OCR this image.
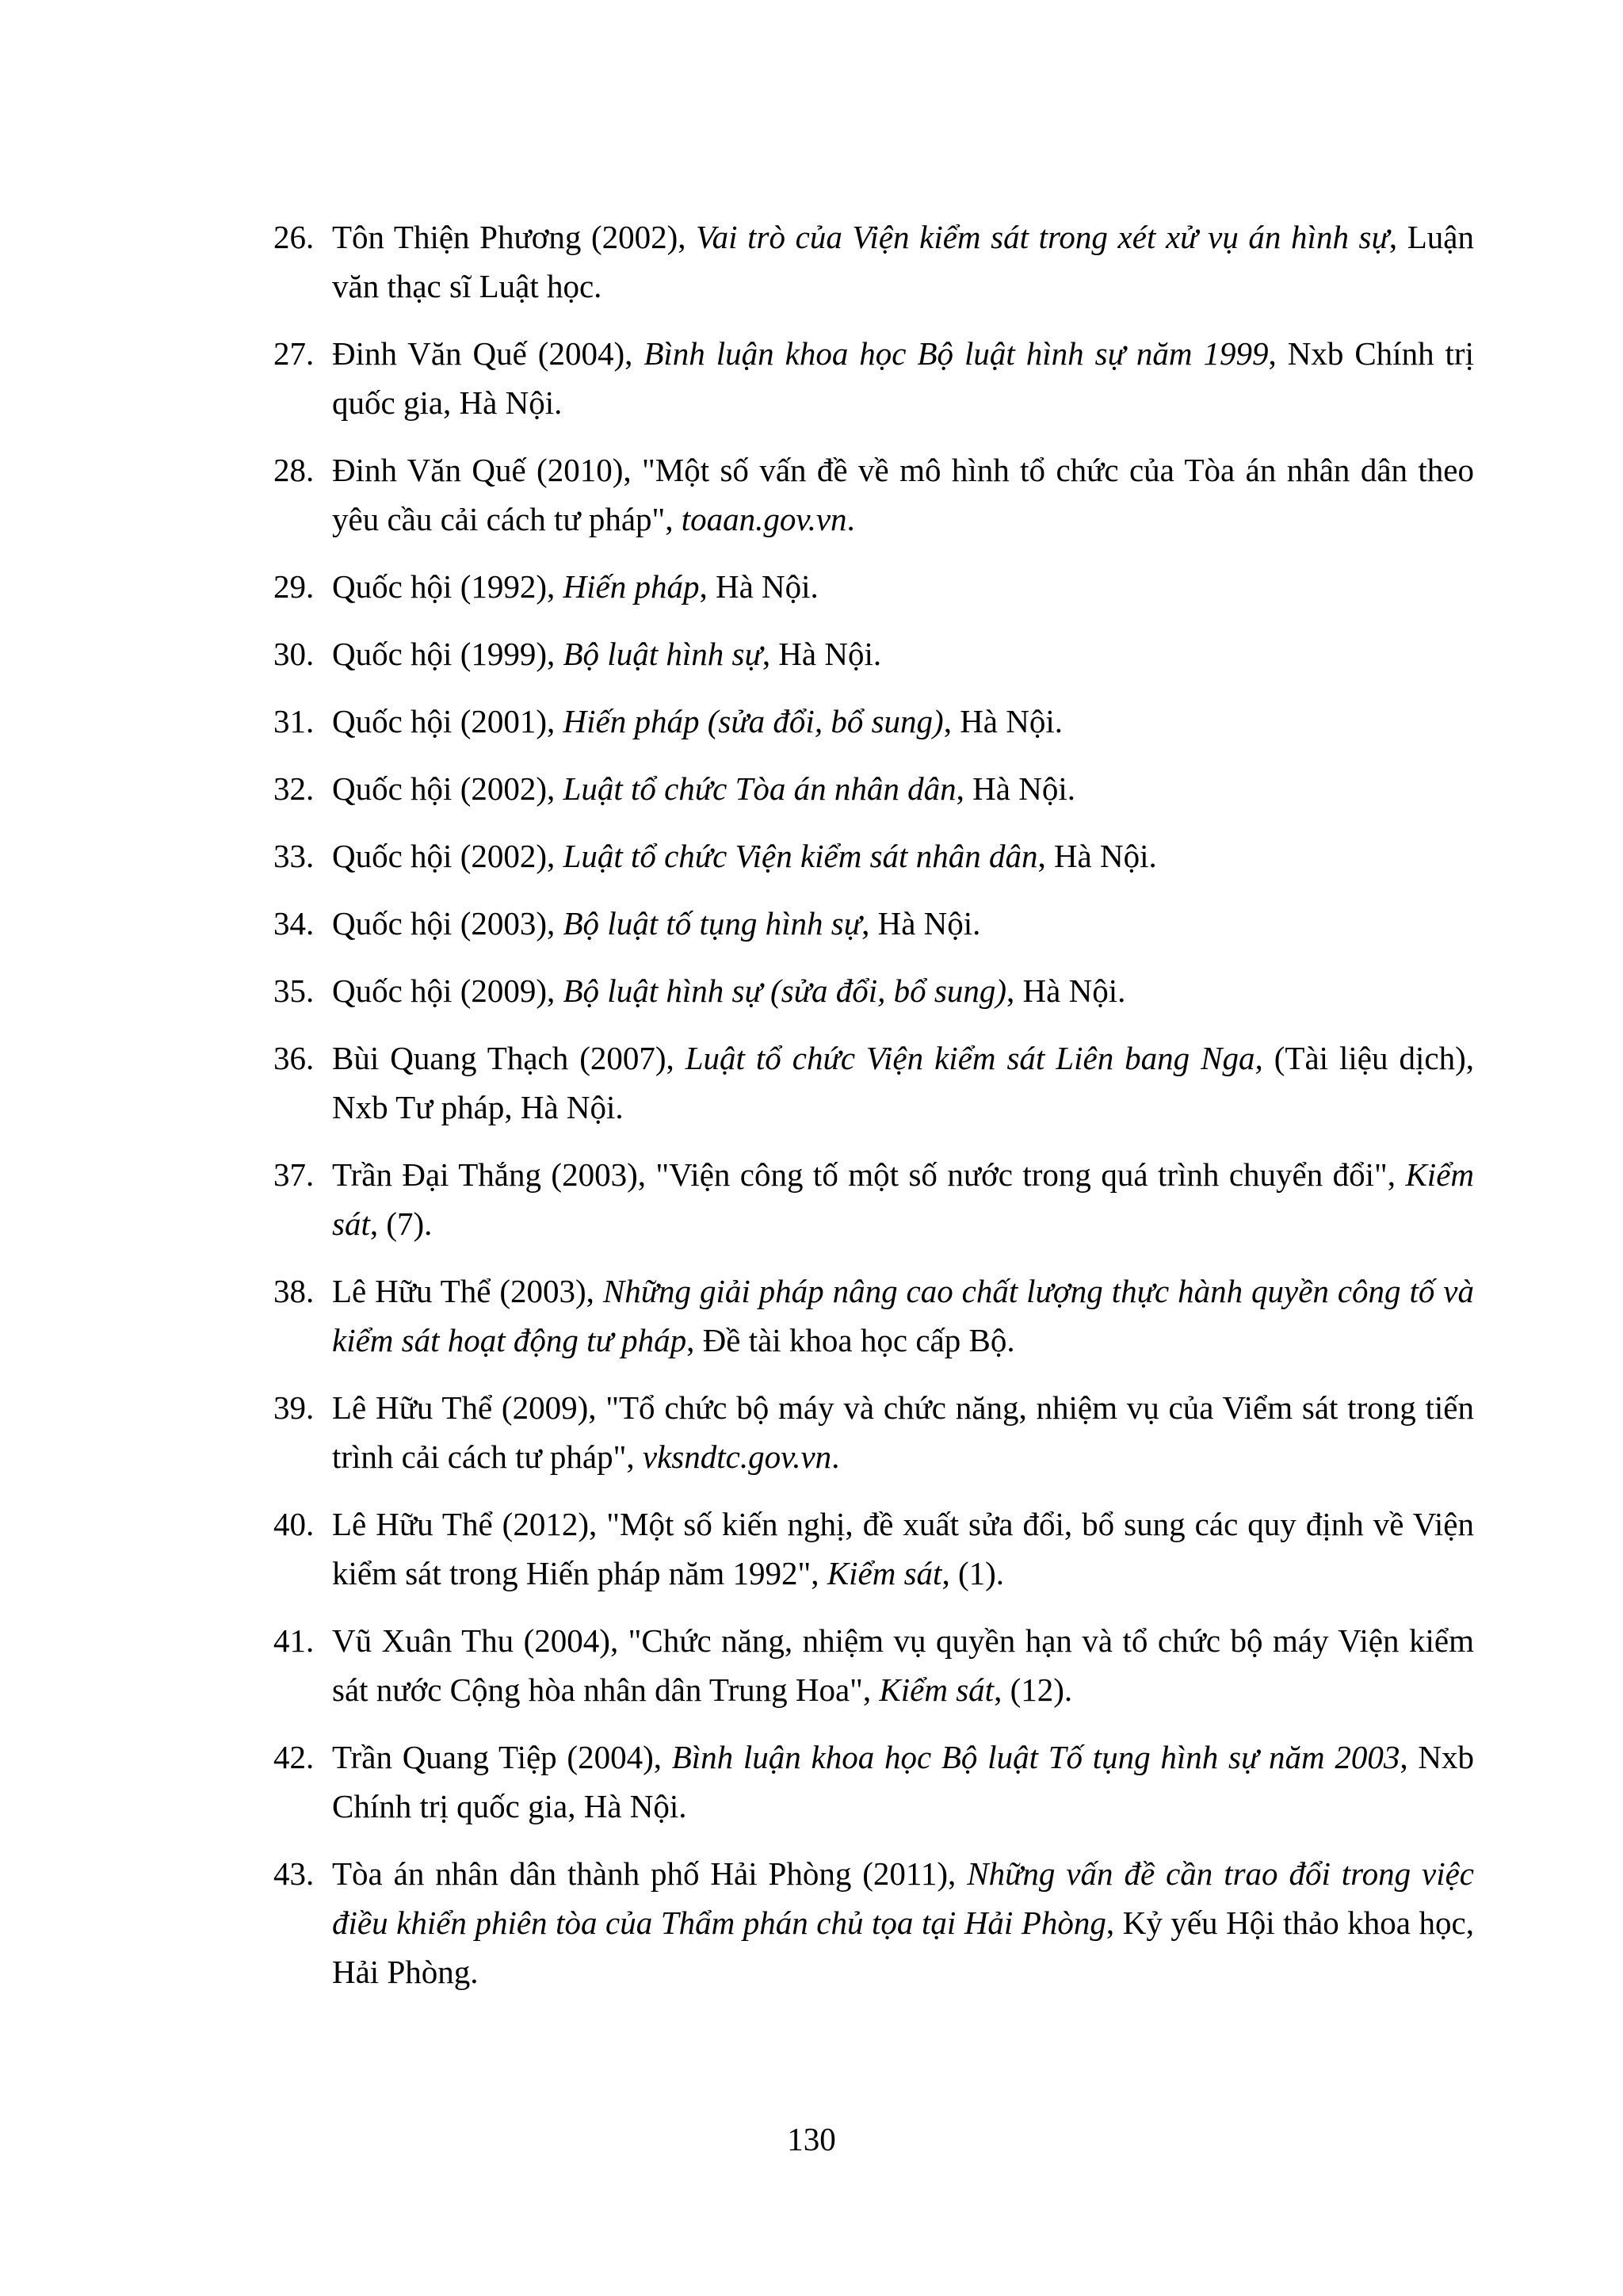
26. Tôn Thiện Phương (2002), Vai trò của Viện kiểm sát trong xét xử vụ án hình sự, Luận văn thạc sĩ Luật học.
27. Đinh Văn Quế (2004), Bình luận khoa học Bộ luật hình sự năm 1999, Nxb Chính trị quốc gia, Hà Nội.
28. Đinh Văn Quế (2010), "Một số vấn đề về mô hình tổ chức của Tòa án nhân dân theo yêu cầu cải cách tư pháp", toaan.gov.vn.
29. Quốc hội (1992), Hiến pháp, Hà Nội.
30. Quốc hội (1999), Bộ luật hình sự, Hà Nội.
31. Quốc hội (2001), Hiến pháp (sửa đổi, bổ sung), Hà Nội.
32. Quốc hội (2002), Luật tổ chức Tòa án nhân dân, Hà Nội.
33. Quốc hội (2002), Luật tổ chức Viện kiểm sát nhân dân, Hà Nội.
34. Quốc hội (2003), Bộ luật tố tụng hình sự, Hà Nội.
35. Quốc hội (2009), Bộ luật hình sự (sửa đổi, bổ sung), Hà Nội.
36. Bùi Quang Thạch (2007), Luật tổ chức Viện kiểm sát Liên bang Nga, (Tài liệu dịch), Nxb Tư pháp, Hà Nội.
37. Trần Đại Thắng (2003), "Viện công tố một số nước trong quá trình chuyển đổi", Kiểm sát, (7).
38. Lê Hữu Thể (2003), Những giải pháp nâng cao chất lượng thực hành quyền công tố và kiểm sát hoạt động tư pháp, Đề tài khoa học cấp Bộ.
39. Lê Hữu Thể (2009), "Tổ chức bộ máy và chức năng, nhiệm vụ của Viểm sát trong tiến trình cải cách tư pháp", vksndtc.gov.vn.
40. Lê Hữu Thể (2012), "Một số kiến nghị, đề xuất sửa đổi, bổ sung các quy định về Viện kiểm sát trong Hiến pháp năm 1992", Kiểm sát, (1).
41. Vũ Xuân Thu (2004), "Chức năng, nhiệm vụ quyền hạn và tổ chức bộ máy Viện kiểm sát nước Cộng hòa nhân dân Trung Hoa", Kiểm sát, (12).
42. Trần Quang Tiệp (2004), Bình luận khoa học Bộ luật Tố tụng hình sự năm 2003, Nxb Chính trị quốc gia, Hà Nội.
43. Tòa án nhân dân thành phố Hải Phòng (2011), Những vấn đề cần trao đổi trong việc điều khiển phiên tòa của Thẩm phán chủ tọa tại Hải Phòng, Kỷ yếu Hội thảo khoa học, Hải Phòng.
130
